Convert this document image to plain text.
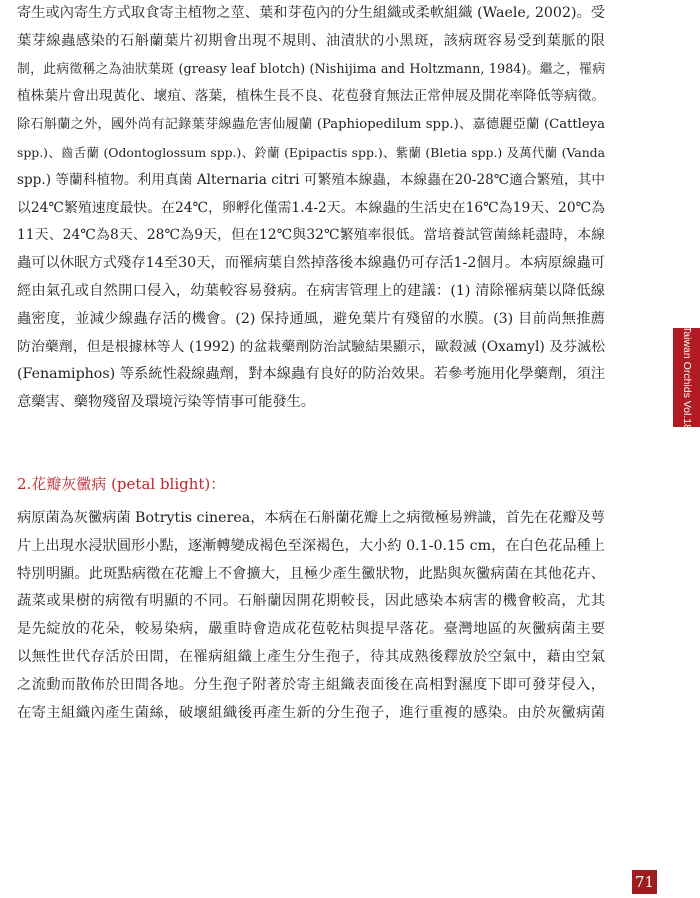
寄生或內寄生方式取食寄主植物之莖、葉和芽苞內的分生組織或柔軟組織 (Waele, 2002)。受
葉芽線蟲感染的石斛蘭葉片初期會出現不規則、油漬狀的小黑斑，該病斑容易受到葉脈的限
制，此病徵稱之為油狀葉斑 (greasy leaf blotch) (Nishijima and Holtzmann, 1984)。繼之，罹病
植株葉片會出現黃化、壞疽、落葉，植株生長不良、花苞發育無法正常伸展及開花率降低等病徵。
除石斛蘭之外，國外尚有記錄葉芽線蟲危害仙履蘭 (Paphiopedilum spp.)、嘉德麗亞蘭 (Cattleya
spp.)、齒舌蘭 (Odontoglossum spp.)、鈴蘭 (Epipactis spp.)、紫蘭 (Bletia spp.) 及萬代蘭 (Vanda
spp.) 等蘭科植物。利用真菌 Alternaria citri 可繁殖本線蟲，本線蟲在20-28℃適合繁殖，其中
以24℃繁殖速度最快。在24℃，卵孵化僅需1.4-2天。本線蟲的生活史在16℃為19天、20℃為
11天、24℃為8天、28℃為9天，但在12℃與32℃繁殖率很低。當培養試管菌絲耗盡時，本線
蟲可以休眠方式殘存14至30天，而罹病葉自然掉落後本線蟲仍可存活1-2個月。本病原線蟲可
經由氣孔或自然開口侵入，幼葉較容易發病。在病害管理上的建議：(1) 清除罹病葉以降低線
蟲密度，並減少線蟲存活的機會。(2) 保持通風，避免葉片有殘留的水膜。(3) 目前尚無推薦
防治藥劑，但是根據林等人 (1992) 的盆栽藥劑防治試驗結果顯示，歐殺滅 (Oxamyl) 及芬滅松
(Fenamiphos) 等系統性殺線蟲劑，對本線蟲有良好的防治效果。若參考施用化學藥劑，須注
意藥害、藥物殘留及環境污染等情事可能發生。
2.花瓣灰黴病 (petal blight)：
病原菌為灰黴病菌 Botrytis cinerea，本病在石斛蘭花瓣上之病徵極易辨識，首先在花瓣及萼
片上出現水浸狀圓形小點，逐漸轉變成褐色至深褐色，大小約 0.1-0.15 cm，在白色花品種上
特別明顯。此斑點病徵在花瓣上不會擴大，且極少產生黴狀物，此點與灰黴病菌在其他花卉、
蔬菜或果樹的病徵有明顯的不同。石斛蘭因開花期較長，因此感染本病害的機會較高，尤其
是先綻放的花朵，較易染病，嚴重時會造成花苞乾枯與提早落花。臺灣地區的灰黴病菌主要
以無性世代存活於田間，在罹病組織上產生分生孢子，待其成熟後釋放於空氣中，藉由空氣
之流動而散佈於田間各地。分生孢子附著於寄主組織表面後在高相對濕度下即可發芽侵入，
在寄主組織內產生菌絲，破壞組織後再產生新的分生孢子，進行重複的感染。由於灰黴病菌
Taiwan Orchids Vol.18
71
